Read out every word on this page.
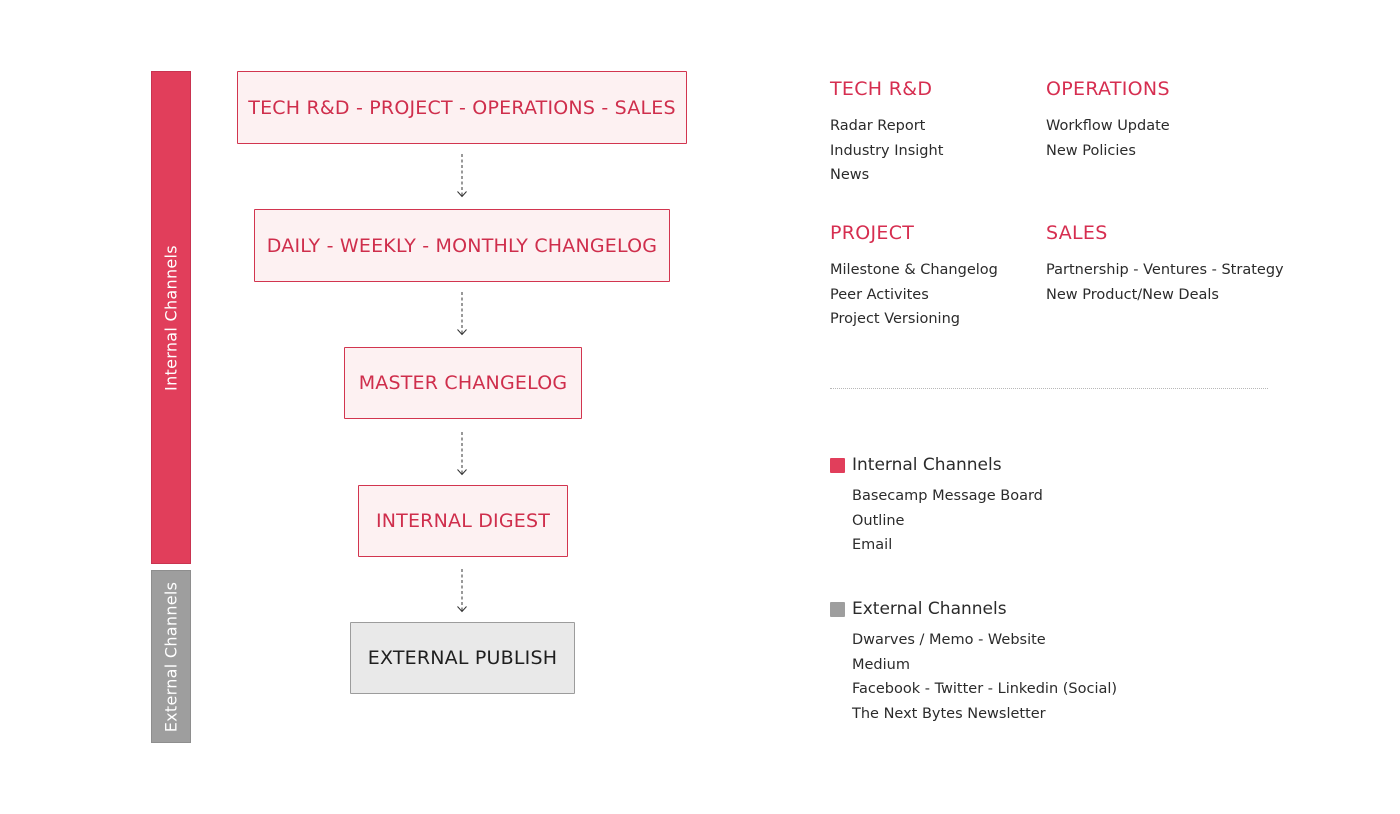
Internal Channels
External Channels
TECH R&D - PROJECT - OPERATIONS - SALES
DAILY - WEEKLY - MONTHLY CHANGELOG
MASTER CHANGELOG
INTERNAL DIGEST
EXTERNAL PUBLISH
TECH R&D
Radar Report
Industry Insight
News
OPERATIONS
Workflow Update
New Policies
PROJECT
Milestone & Changelog
Peer Activites
Project Versioning
SALES
Partnership - Ventures - Strategy
New Product/New Deals
Internal Channels
Basecamp Message Board
Outline
Email
External Channels
Dwarves / Memo - Website
Medium
Facebook - Twitter - Linkedin (Social)
The Next Bytes Newsletter
